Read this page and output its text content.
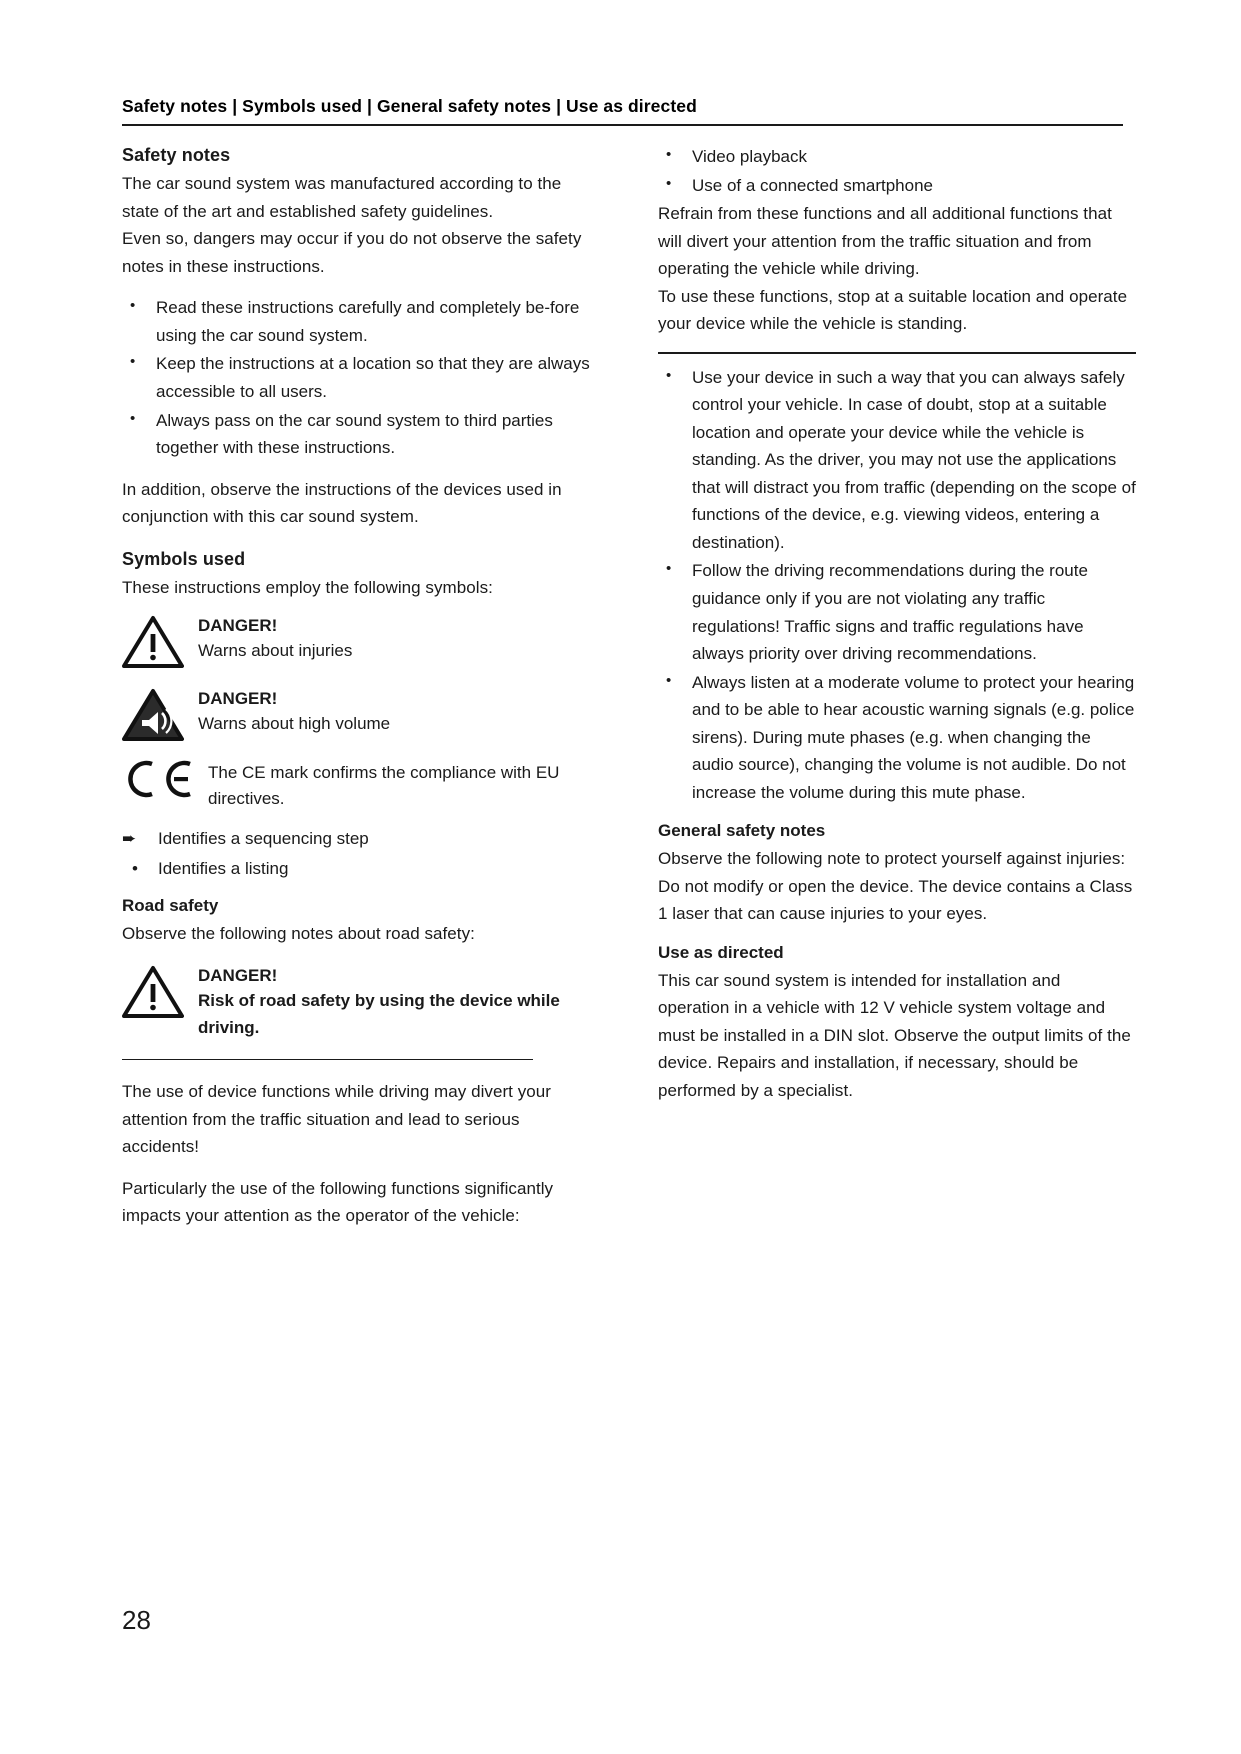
Safety notes | Symbols used | General safety notes | Use as directed
Safety notes

The car sound system was manufactured according to the state of the art and established safety guidelines.

Even so, dangers may occur if you do not observe the safety notes in these instructions.

• Read these instructions carefully and completely be-fore using the car sound system.
• Keep the instructions at a location so that they are always accessible to all users.
• Always pass on the car sound system to third parties together with these instructions.

In addition, observe the instructions of the devices used in conjunction with this car sound system.

Symbols used

These instructions employ the following symbols:

DANGER!
Warns about injuries
DANGER!
Warns about high volume
The CE mark confirms the compliance with EU directives.
➨	Identifies a sequencing step
•	Identifies a listing
Road safety

Observe the following notes about road safety:

DANGER!
Risk of road safety by using the device while driving.

The use of device functions while driving may divert your attention from the traffic situation and lead to serious accidents!

Particularly the use of the following functions significantly impacts your attention as the operator of the vehicle:

• Video playback
• Use of a connected smartphone

Refrain from these functions and all additional functions that will divert your attention from the traffic situation and from operating the vehicle while driving.

To use these functions, stop at a suitable location and operate your device while the vehicle is standing.

• Use your device in such a way that you can always safely control your vehicle. In case of doubt, stop at a suitable location and operate your device while the vehicle is standing. As the driver, you may not use the applications that will distract you from traffic (depending on the scope of functions of the device, e.g. viewing videos, entering a destination).
• Follow the driving recommendations during the route guidance only if you are not violating any traffic regulations! Traffic signs and traffic regulations have always priority over driving recommendations.
• Always listen at a moderate volume to protect your hearing and to be able to hear acoustic warning signals (e.g. police sirens). During mute phases (e.g. when changing the audio source), changing the volume is not audible. Do not increase the volume during this mute phase.
General safety notes

Observe the following note to protect yourself against injuries:

Do not modify or open the device. The device contains a Class 1 laser that can cause injuries to your eyes.

Use as directed

This car sound system is intended for installation and operation in a vehicle with 12 V vehicle system voltage and must be installed in a DIN slot. Observe the output limits of the device. Repairs and installation, if necessary, should be performed by a specialist.

28
